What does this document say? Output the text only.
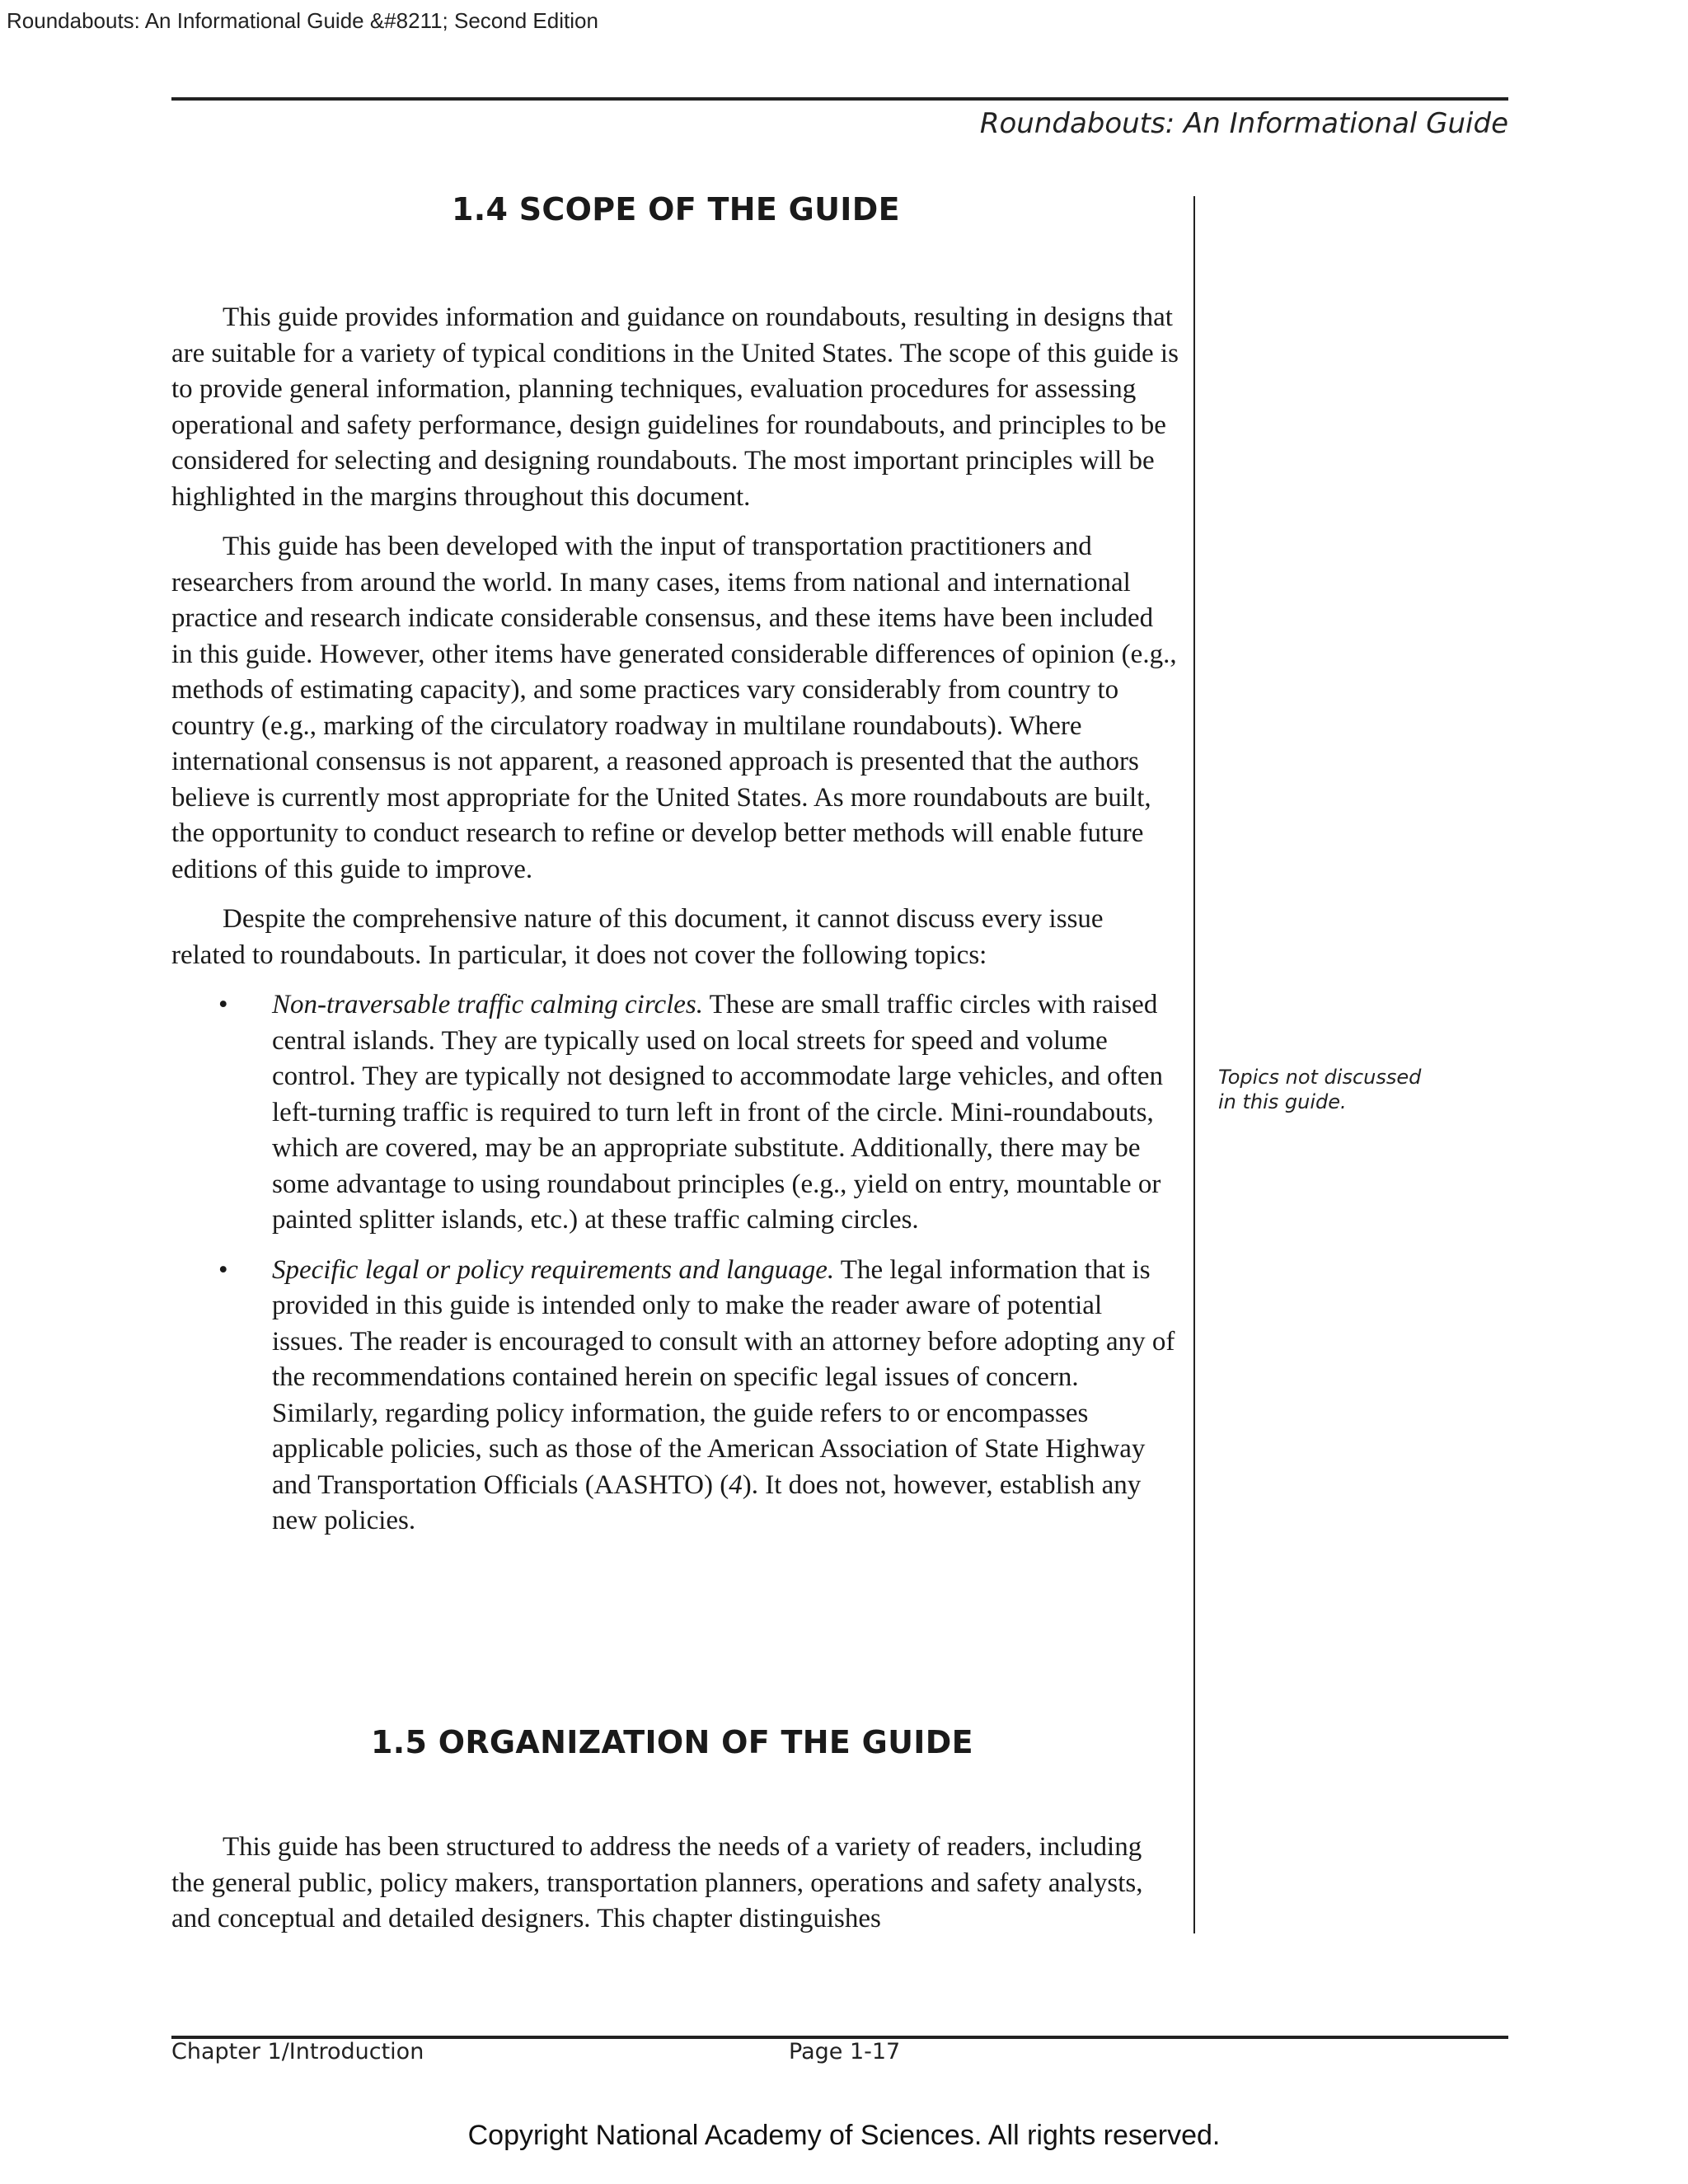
Roundabouts: An Informational Guide &#8211; Second Edition
Roundabouts: An Informational Guide
1.4 SCOPE OF THE GUIDE

This guide provides information and guidance on roundabouts, resulting in designs that are suitable for a variety of typical conditions in the United States. The scope of this guide is to provide general information, planning techniques, evaluation procedures for assessing operational and safety performance, design guidelines for roundabouts, and principles to be considered for selecting and designing roundabouts. The most important principles will be highlighted in the margins throughout this document.

This guide has been developed with the input of transportation practitioners and researchers from around the world. In many cases, items from national and international practice and research indicate considerable consensus, and these items have been included in this guide. However, other items have generated considerable differences of opinion (e.g., methods of estimating capacity), and some practices vary considerably from country to country (e.g., marking of the circulatory roadway in multilane roundabouts). Where international consensus is not apparent, a reasoned approach is presented that the authors believe is currently most appropriate for the United States. As more roundabouts are built, the opportunity to conduct research to refine or develop better methods will enable future editions of this guide to improve.

Despite the comprehensive nature of this document, it cannot discuss every issue related to roundabouts. In particular, it does not cover the following topics:

• Non-traversable traffic calming circles. These are small traffic circles with raised central islands. They are typically used on local streets for speed and volume control. They are typically not designed to accommodate large vehicles, and often left-turning traffic is required to turn left in front of the circle. Mini-roundabouts, which are covered, may be an appropriate substitute. Additionally, there may be some advantage to using roundabout principles (e.g., yield on entry, mountable or painted splitter islands, etc.) at these traffic calming circles.
• Specific legal or policy requirements and language. The legal information that is provided in this guide is intended only to make the reader aware of potential issues. The reader is encouraged to consult with an attorney before adopting any of the recommendations contained herein on specific legal issues of concern. Similarly, regarding policy information, the guide refers to or encompasses applicable policies, such as those of the American Association of State Highway and Transportation Officials (AASHTO) (4). It does not, however, establish any new policies.
Topics not discussed
in this guide.
1.5 ORGANIZATION OF THE GUIDE

This guide has been structured to address the needs of a variety of readers, including the general public, policy makers, transportation planners, operations and safety analysts, and conceptual and detailed designers. This chapter distinguishes

Chapter 1/Introduction	Page 1-17
Copyright National Academy of Sciences. All rights reserved.
